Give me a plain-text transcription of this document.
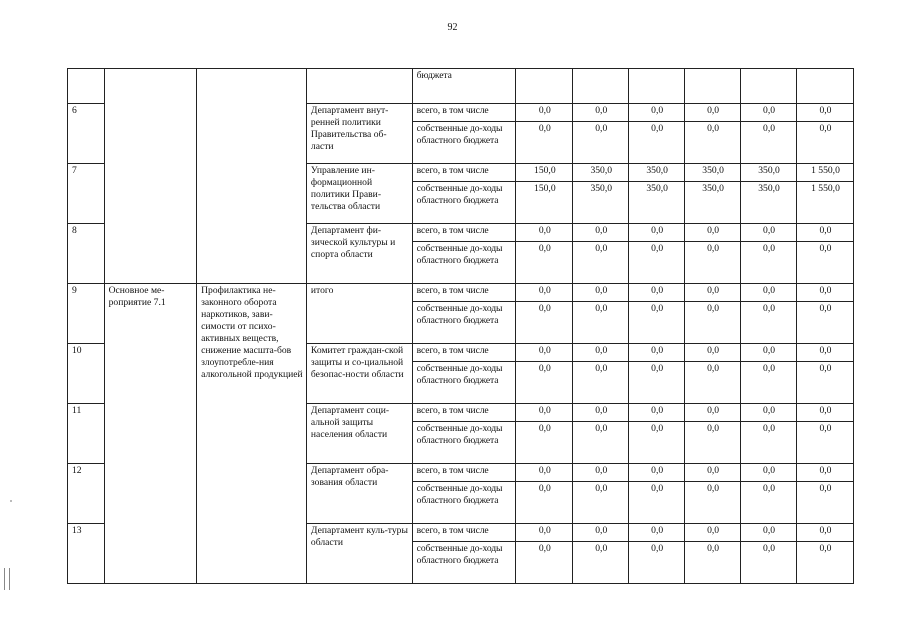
92
				бюджета						
6			Департамент внут-ренней политики Правительства об-ласти	всего, в том числе	0,0	0,0	0,0	0,0	0,0	0,0
				собственные до-ходы областного бюджета	0,0	0,0	0,0	0,0	0,0	0,0
7			Управление ин-формационной политики Прави-тельства области	всего, в том числе	150,0	350,0	350,0	350,0	350,0	1 550,0
				собственные до-ходы областного бюджета	150,0	350,0	350,0	350,0	350,0	1 550,0
8			Департамент фи-зической культуры и спорта области	всего, в том числе	0,0	0,0	0,0	0,0	0,0	0,0
				собственные до-ходы областного бюджета	0,0	0,0	0,0	0,0	0,0	0,0
9	Основное ме-роприятие 7.1	Профилактика не-законного оборота наркотиков, зави-симости от психо-активных веществ, снижение масшта-бов злоупотребле-ния алкогольной продукцией	итого	всего, в том числе	0,0	0,0	0,0	0,0	0,0	0,0
				собственные до-ходы областного бюджета	0,0	0,0	0,0	0,0	0,0	0,0
10			Комитет граждан-ской защиты и со-циальной безопас-ности области	всего, в том числе	0,0	0,0	0,0	0,0	0,0	0,0
				собственные до-ходы областного бюджета	0,0	0,0	0,0	0,0	0,0	0,0
11			Департамент соци-альной защиты населения области	всего, в том числе	0,0	0,0	0,0	0,0	0,0	0,0
				собственные до-ходы областного бюджета	0,0	0,0	0,0	0,0	0,0	0,0
12			Департамент обра-зования области	всего, в том числе	0,0	0,0	0,0	0,0	0,0	0,0
				собственные до-ходы областного бюджета	0,0	0,0	0,0	0,0	0,0	0,0
13			Департамент куль-туры области	всего, в том числе	0,0	0,0	0,0	0,0	0,0	0,0
				собственные до-ходы областного бюджета	0,0	0,0	0,0	0,0	0,0	0,0
